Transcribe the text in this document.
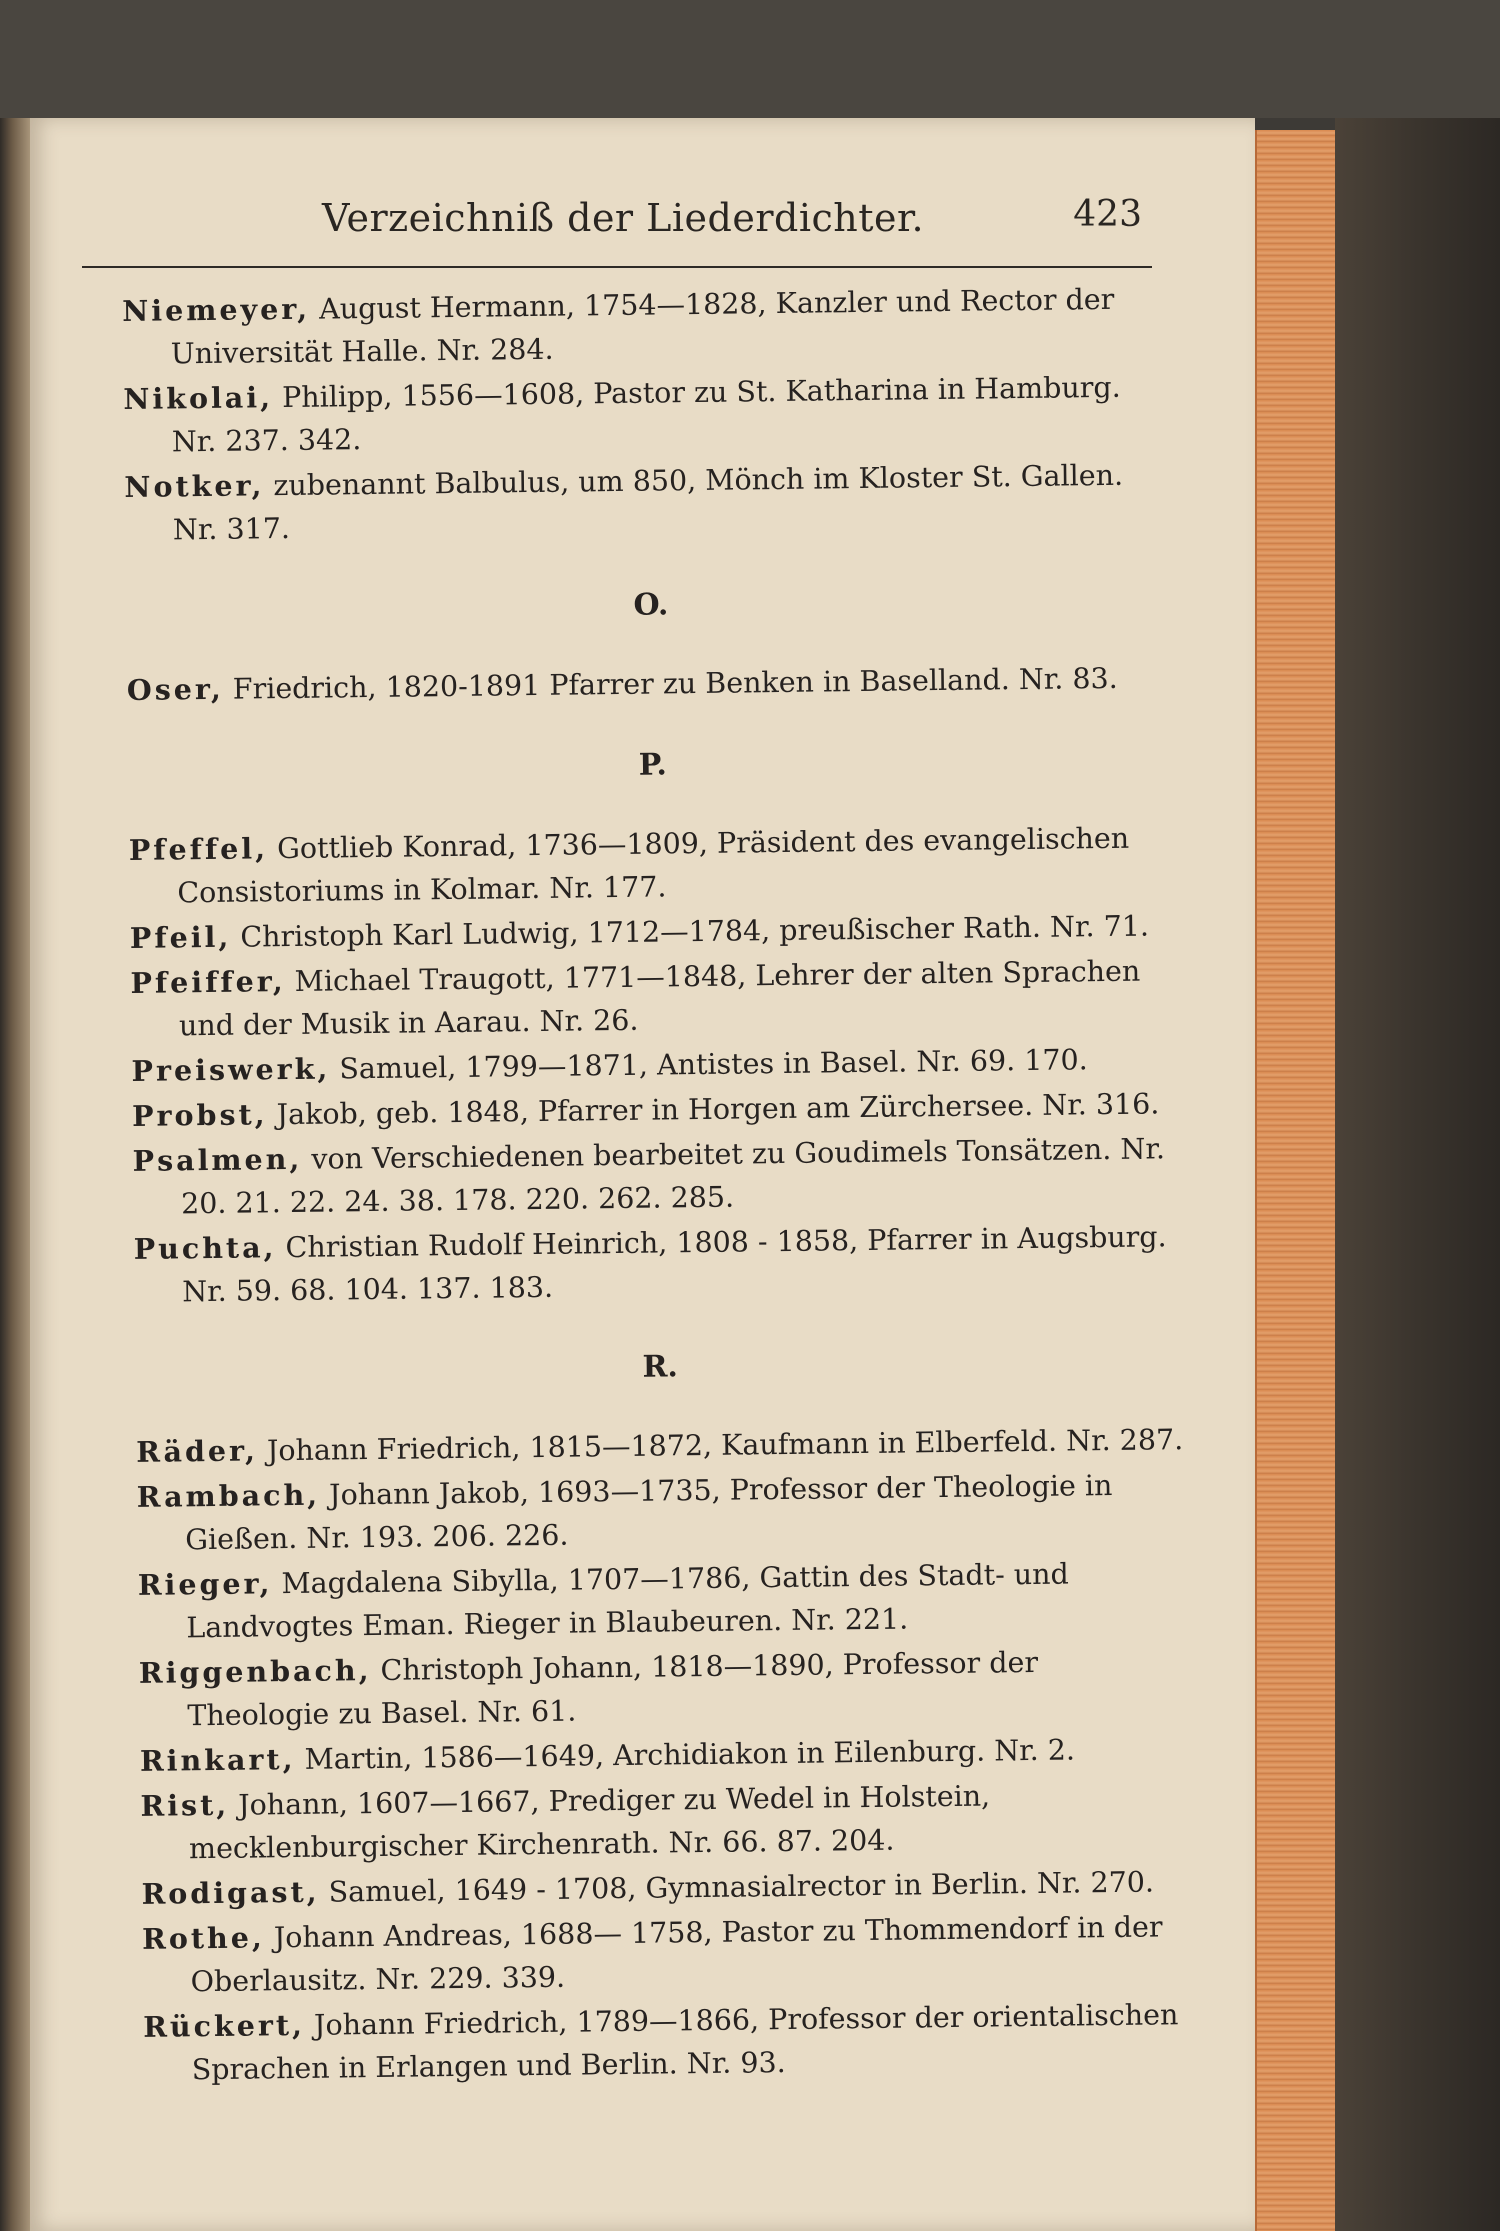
Verzeichniß der Liederdichter.	423
Niemeyer, August Hermann, 1754—1828, Kanzler und Rector der Universität Halle. Nr. 284.
Nikolai, Philipp, 1556—1608, Pastor zu St. Katharina in Hamburg. Nr. 237. 342.
Notker, zubenannt Balbulus, um 850, Mönch im Kloster St. Gallen. Nr. 317.
O.
Oser, Friedrich, 1820-1891 Pfarrer zu Benken in Baselland. Nr. 83.
P.
Pfeffel, Gottlieb Konrad, 1736—1809, Präsident des evangelischen Consistoriums in Kolmar. Nr. 177.
Pfeil, Christoph Karl Ludwig, 1712—1784, preußischer Rath. Nr. 71.
Pfeiffer, Michael Traugott, 1771—1848, Lehrer der alten Sprachen und der Musik in Aarau. Nr. 26.
Preiswerk, Samuel, 1799—1871, Antistes in Basel. Nr. 69. 170.
Probst, Jakob, geb. 1848, Pfarrer in Horgen am Zürchersee. Nr. 316.
Psalmen, von Verschiedenen bearbeitet zu Goudimels Tonsätzen. Nr. 20. 21. 22. 24. 38. 178. 220. 262. 285.
Puchta, Christian Rudolf Heinrich, 1808 - 1858, Pfarrer in Augsburg. Nr. 59. 68. 104. 137. 183.
R.
Räder, Johann Friedrich, 1815—1872, Kaufmann in Elberfeld. Nr. 287.
Rambach, Johann Jakob, 1693—1735, Professor der Theologie in Gießen. Nr. 193. 206. 226.
Rieger, Magdalena Sibylla, 1707—1786, Gattin des Stadt- und Landvogtes Eman. Rieger in Blaubeuren. Nr. 221.
Riggenbach, Christoph Johann, 1818—1890, Professor der Theologie zu Basel. Nr. 61.
Rinkart, Martin, 1586—1649, Archidiakon in Eilenburg. Nr. 2.
Rist, Johann, 1607—1667, Prediger zu Wedel in Holstein, mecklenburgischer Kirchenrath. Nr. 66. 87. 204.
Rodigast, Samuel, 1649 - 1708, Gymnasialrector in Berlin. Nr. 270.
Rothe, Johann Andreas, 1688— 1758, Pastor zu Thommendorf in der Oberlausitz. Nr. 229. 339.
Rückert, Johann Friedrich, 1789—1866, Professor der orientalischen Sprachen in Erlangen und Berlin. Nr. 93.
